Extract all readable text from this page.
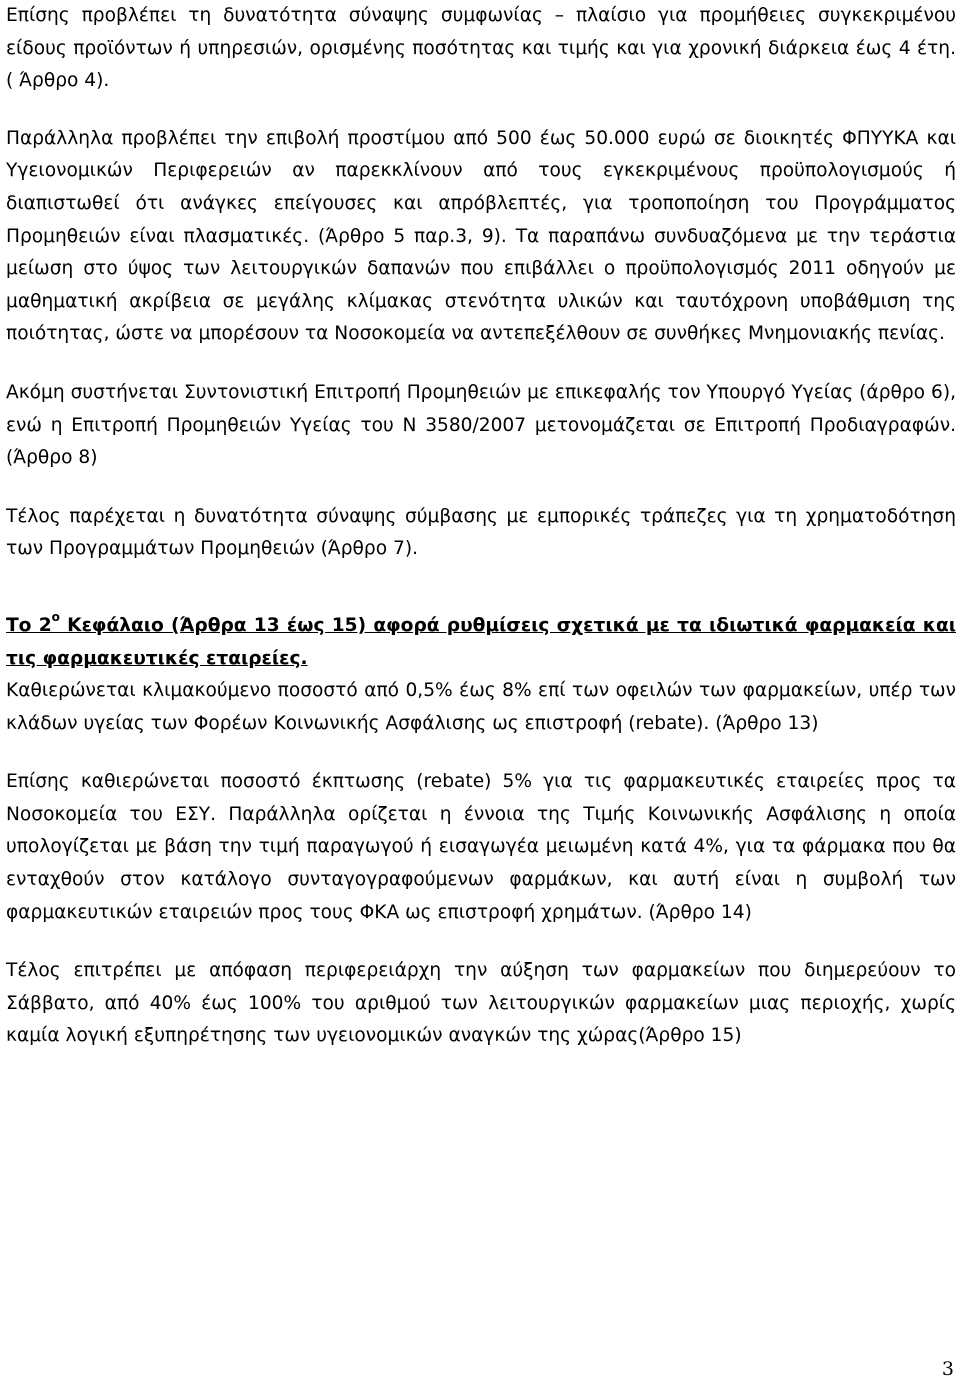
Επίσης προβλέπει τη δυνατότητα σύναψης συμφωνίας – πλαίσιο για προμήθειες συγκεκριμένου είδους προϊόντων ή υπηρεσιών, ορισμένης ποσότητας και τιμής και για χρονική διάρκεια έως 4 έτη. ( Άρθρο 4).

Παράλληλα προβλέπει την επιβολή προστίμου από 500 έως 50.000 ευρώ σε διοικητές ΦΠΥΥΚΑ και Υγειονομικών Περιφερειών αν παρεκκλίνουν από τους εγκεκριμένους προϋπολογισμούς ή διαπιστωθεί ότι ανάγκες επείγουσες και απρόβλεπτές, για τροποποίηση του Προγράμματος Προμηθειών είναι πλασματικές. (Άρθρο 5 παρ.3, 9). Τα παραπάνω συνδυαζόμενα με την τεράστια μείωση στο ύψος των λειτουργικών δαπανών που επιβάλλει ο προϋπολογισμός 2011 οδηγούν με μαθηματική ακρίβεια σε μεγάλης κλίμακας στενότητα υλικών και ταυτόχρονη υποβάθμιση της ποιότητας, ώστε να μπορέσουν τα Νοσοκομεία να αντεπεξέλθουν σε συνθήκες Μνημονιακής πενίας.

Ακόμη συστήνεται Συντονιστική Επιτροπή Προμηθειών με επικεφαλής τον Υπουργό Υγείας (άρθρο 6), ενώ η Επιτροπή Προμηθειών Υγείας του Ν 3580/2007 μετονομάζεται σε Επιτροπή Προδιαγραφών. (Άρθρο 8)

Τέλος παρέχεται η δυνατότητα σύναψης σύμβασης με εμπορικές τράπεζες για τη χρηματοδότηση των Προγραμμάτων Προμηθειών (Άρθρο 7).

Το $2^o$ Κεφάλαιο (Άρθρα 13 έως 15) αφορά ρυθμίσεις σχετικά με τα ιδιωτικά φαρμακεία και τις φαρμακευτικές εταιρείες.

Καθιερώνεται κλιμακούμενο ποσοστό από 0,5% έως 8% επί των οφειλών των φαρμακείων, υπέρ των κλάδων υγείας των Φορέων Κοινωνικής Ασφάλισης ως επιστροφή (rebate). (Άρθρο 13)

Επίσης καθιερώνεται ποσοστό έκπτωσης (rebate) 5% για τις φαρμακευτικές εταιρείες προς τα Νοσοκομεία του ΕΣΥ. Παράλληλα ορίζεται η έννοια της Τιμής Κοινωνικής Ασφάλισης η οποία υπολογίζεται με βάση την τιμή παραγωγού ή εισαγωγέα μειωμένη κατά 4%, για τα φάρμακα που θα ενταχθούν στον κατάλογο συνταγογραφούμενων φαρμάκων, και αυτή είναι η συμβολή των φαρμακευτικών εταιρειών προς τους ΦΚΑ ως επιστροφή χρημάτων. (Άρθρο 14)

Τέλος επιτρέπει με απόφαση περιφερειάρχη την αύξηση των φαρμακείων που διημερεύουν το Σάββατο, από 40% έως 100% του αριθμού των λειτουργικών φαρμακείων μιας περιοχής, χωρίς καμία λογική εξυπηρέτησης των υγειονομικών αναγκών της χώρας(Άρθρο 15)

3
